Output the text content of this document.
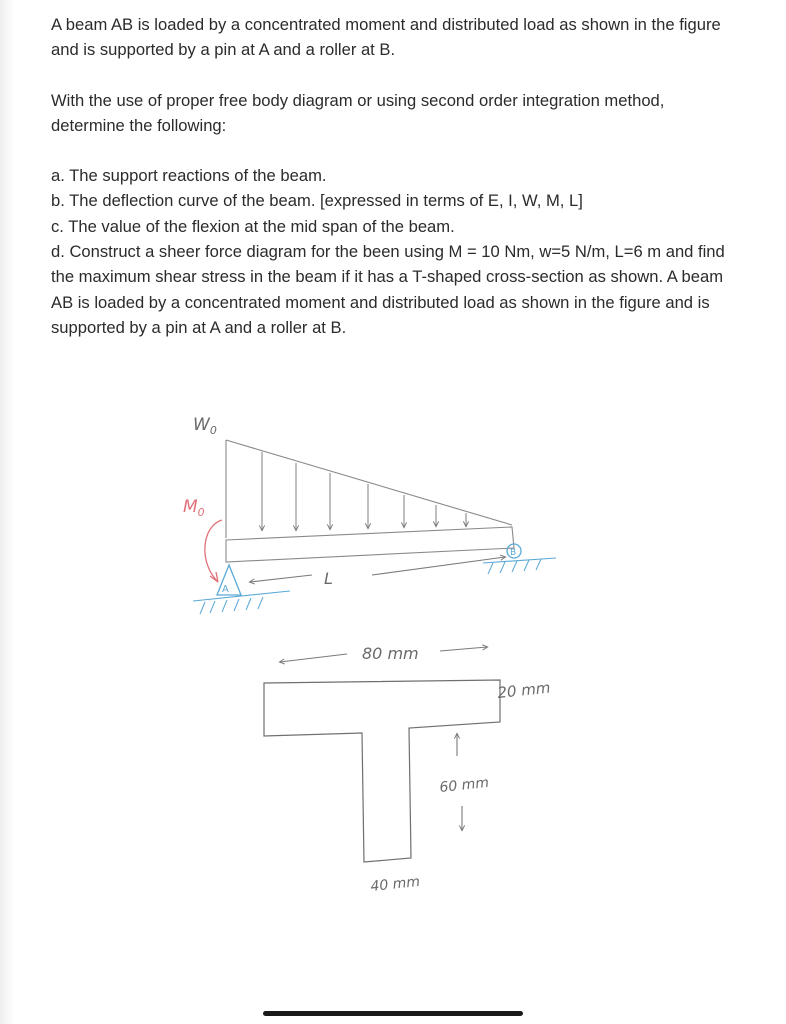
A beam AB is loaded by a concentrated moment and distributed load as shown in the figure and is supported by a pin at A and a roller at B.

With the use of proper free body diagram or using second order integration method, determine the following:

a. The support reactions of the beam.

b. The deflection curve of the beam. [expressed in terms of E, I, W, M, L]

c. The value of the flexion at the mid span of the beam.

d. Construct a sheer force diagram for the been using M = 10 Nm, w=5 N/m, L=6 m and find the maximum shear stress in the beam if it has a T-shaped cross-section as shown. A beam AB is loaded by a concentrated moment and distributed load as shown in the figure and is supported by a pin at A and a roller at B.

$W_0$
$M_0$
A
B
L
80 mm
20 mm
60 mm
40 mm
